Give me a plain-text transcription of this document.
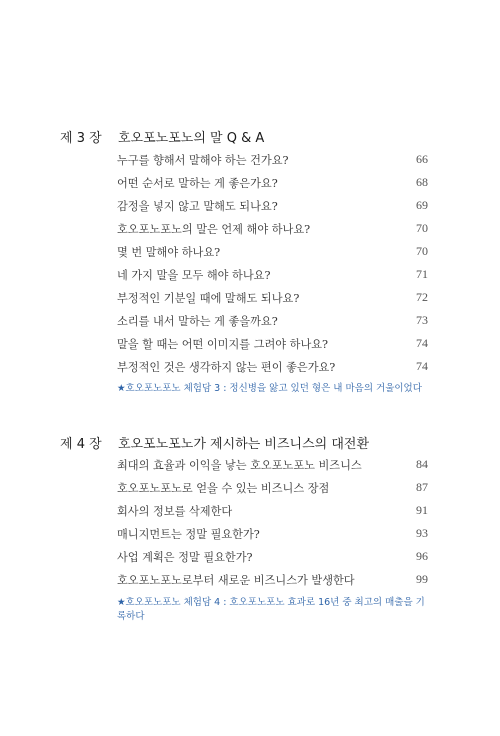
제 3 장 호오포노포노의 말 Q & A
누구를 향해서 말해야 하는 건가요?	66
어떤 순서로 말하는 게 좋은가요?	68
감정을 넣지 않고 말해도 되나요?	69
호오포노포노의 말은 언제 해야 하나요?	70
몇 번 말해야 하나요?	70
네 가지 말을 모두 해야 하나요?	71
부정적인 기분일 때에 말해도 되나요?	72
소리를 내서 말하는 게 좋을까요?	73
말을 할 때는 어떤 이미지를 그려야 하나요?	74
부정적인 것은 생각하지 않는 편이 좋은가요?	74
★호오포노포노 체험담 3 : 정신병을 앓고 있던 형은 내 마음의 거울이었다
제 4 장 호오포노포노가 제시하는 비즈니스의 대전환
최대의 효율과 이익을 낳는 호오포노포노 비즈니스	84
호오포노포노로 얻을 수 있는 비즈니스 장점	87
회사의 정보를 삭제한다	91
매니지먼트는 정말 필요한가?	93
사업 계획은 정말 필요한가?	96
호오포노포노로부터 새로운 비즈니스가 발생한다	99
★호오포노포노 체험담 4 : 호오포노포노 효과로 16년 중 최고의 매출을 기
록하다
